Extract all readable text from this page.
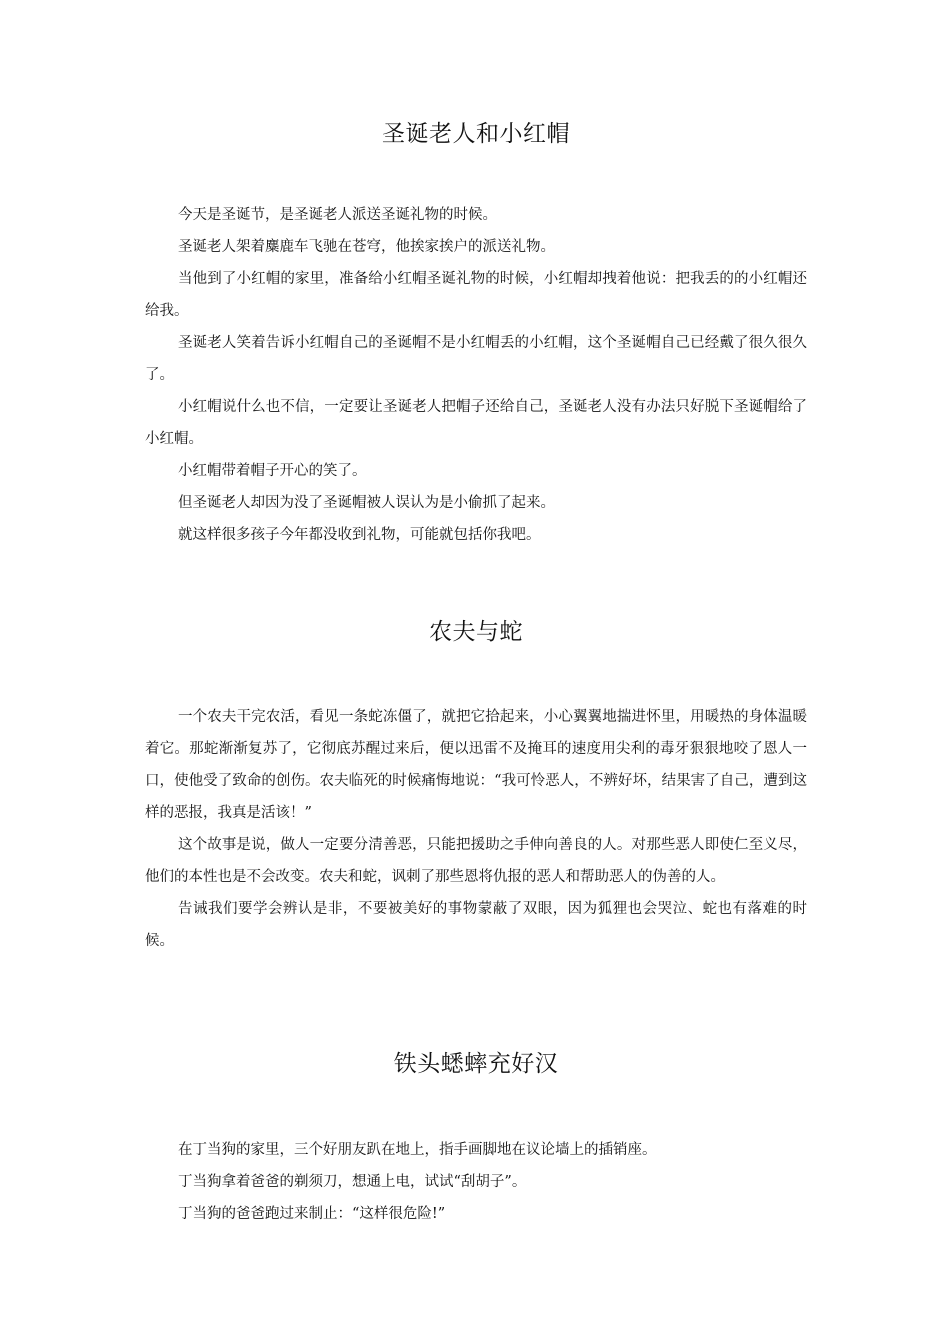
圣诞老人和小红帽

今天是圣诞节，是圣诞老人派送圣诞礼物的时候。

圣诞老人架着麋鹿车飞驰在苍穹，他挨家挨户的派送礼物。

当他到了小红帽的家里，准备给小红帽圣诞礼物的时候，小红帽却拽着他说：把我丢的的小红帽还给我。

圣诞老人笑着告诉小红帽自己的圣诞帽不是小红帽丢的小红帽，这个圣诞帽自己已经戴了很久很久了。

小红帽说什么也不信，一定要让圣诞老人把帽子还给自己，圣诞老人没有办法只好脱下圣诞帽给了小红帽。

小红帽带着帽子开心的笑了。

但圣诞老人却因为没了圣诞帽被人误认为是小偷抓了起来。

就这样很多孩子今年都没收到礼物，可能就包括你我吧。

农夫与蛇

一个农夫干完农活，看见一条蛇冻僵了，就把它拾起来，小心翼翼地揣进怀里，用暖热的身体温暖着它。那蛇渐渐复苏了，它彻底苏醒过来后，便以迅雷不及掩耳的速度用尖利的毒牙狠狠地咬了恩人一口，使他受了致命的创伤。农夫临死的时候痛悔地说：“我可怜恶人，不辨好坏，结果害了自己，遭到这样的恶报，我真是活该！”

这个故事是说，做人一定要分清善恶，只能把援助之手伸向善良的人。对那些恶人即使仁至义尽，他们的本性也是不会改变。农夫和蛇，讽刺了那些恩将仇报的恶人和帮助恶人的伪善的人。

告诫我们要学会辨认是非，不要被美好的事物蒙蔽了双眼，因为狐狸也会哭泣、蛇也有落难的时候。

铁头蟋蟀充好汉

在丁当狗的家里，三个好朋友趴在地上，指手画脚地在议论墙上的插销座。

丁当狗拿着爸爸的剃须刀，想通上电，试试“刮胡子”。

丁当狗的爸爸跑过来制止：“这样很危险!”
